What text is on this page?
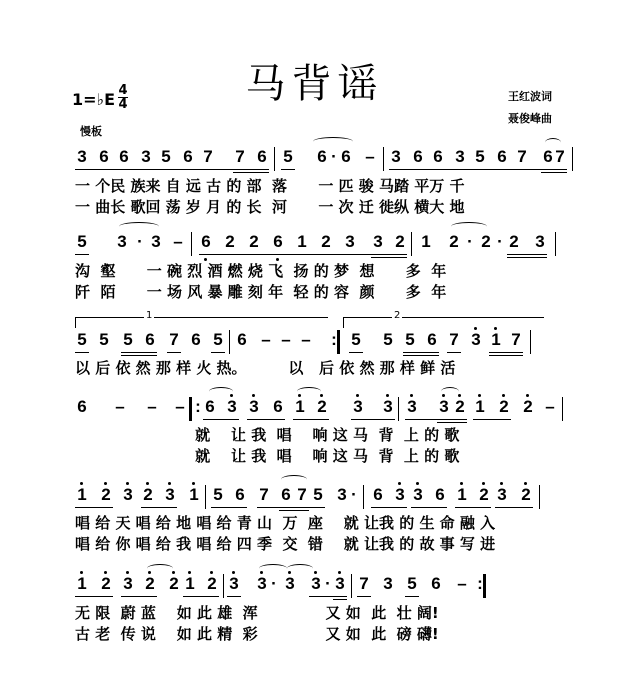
马背谣
1=♭E 4
4
慢板
王红波词
聂俊峰曲
3 6 6 3 5 6 7 7 6 5 6 · 6 – 3 6 6 3 5 6 7 6 7
一 个民 族来 自 远 古 的 部  落      一 匹 骏 马踏 平万 千
一 曲长 歌回 荡 岁 月 的 长  河      一 次 迁 徙纵 横大 地
5 3 · 3 – 6 2 2 6 1 2 3 3 2 1 2 · 2 · 2 3
沟  壑      一 碗 烈 酒 燃 烧 飞  扬 的 梦  想      多  年
阡  陌      一 场 风 暴 雕 刻 年  轻 的 容  颜      多  年
1	2
5 5 5 6 7 6 5 6 – – – : 5 5 5 6 7 3 1 7
以 后 依 然 那 样 火 热。        以   后 依 然 那 样 鲜 活
6 – – – : 6 3 3 6 1 2 3 3 3 3 2 1 2 2 –
就    让 我  唱    响 这 马  背  上 的 歌
就    让 我  唱    响 这 马  背  上 的 歌
1 2 3 2 3 1 5 6 7 6 7 5 3 · 6 3 3 6 1 2 3 2
唱 给 天 唱 给 地 唱 给 青 山  万  座    就 让我 的 生 命 融 入
唱 给 你 唱 给 我 唱 给 四 季  交  错    就 让我 的 故 事 写 进
1 2 3 2 2 1 2 3 3 · 3 3 · 3 7 3 5 6 – :
无 限  蔚 蓝    如 此 雄  浑             又 如  此  壮 阔!
古 老  传 说    如 此 精  彩             又 如  此  磅 礴!
